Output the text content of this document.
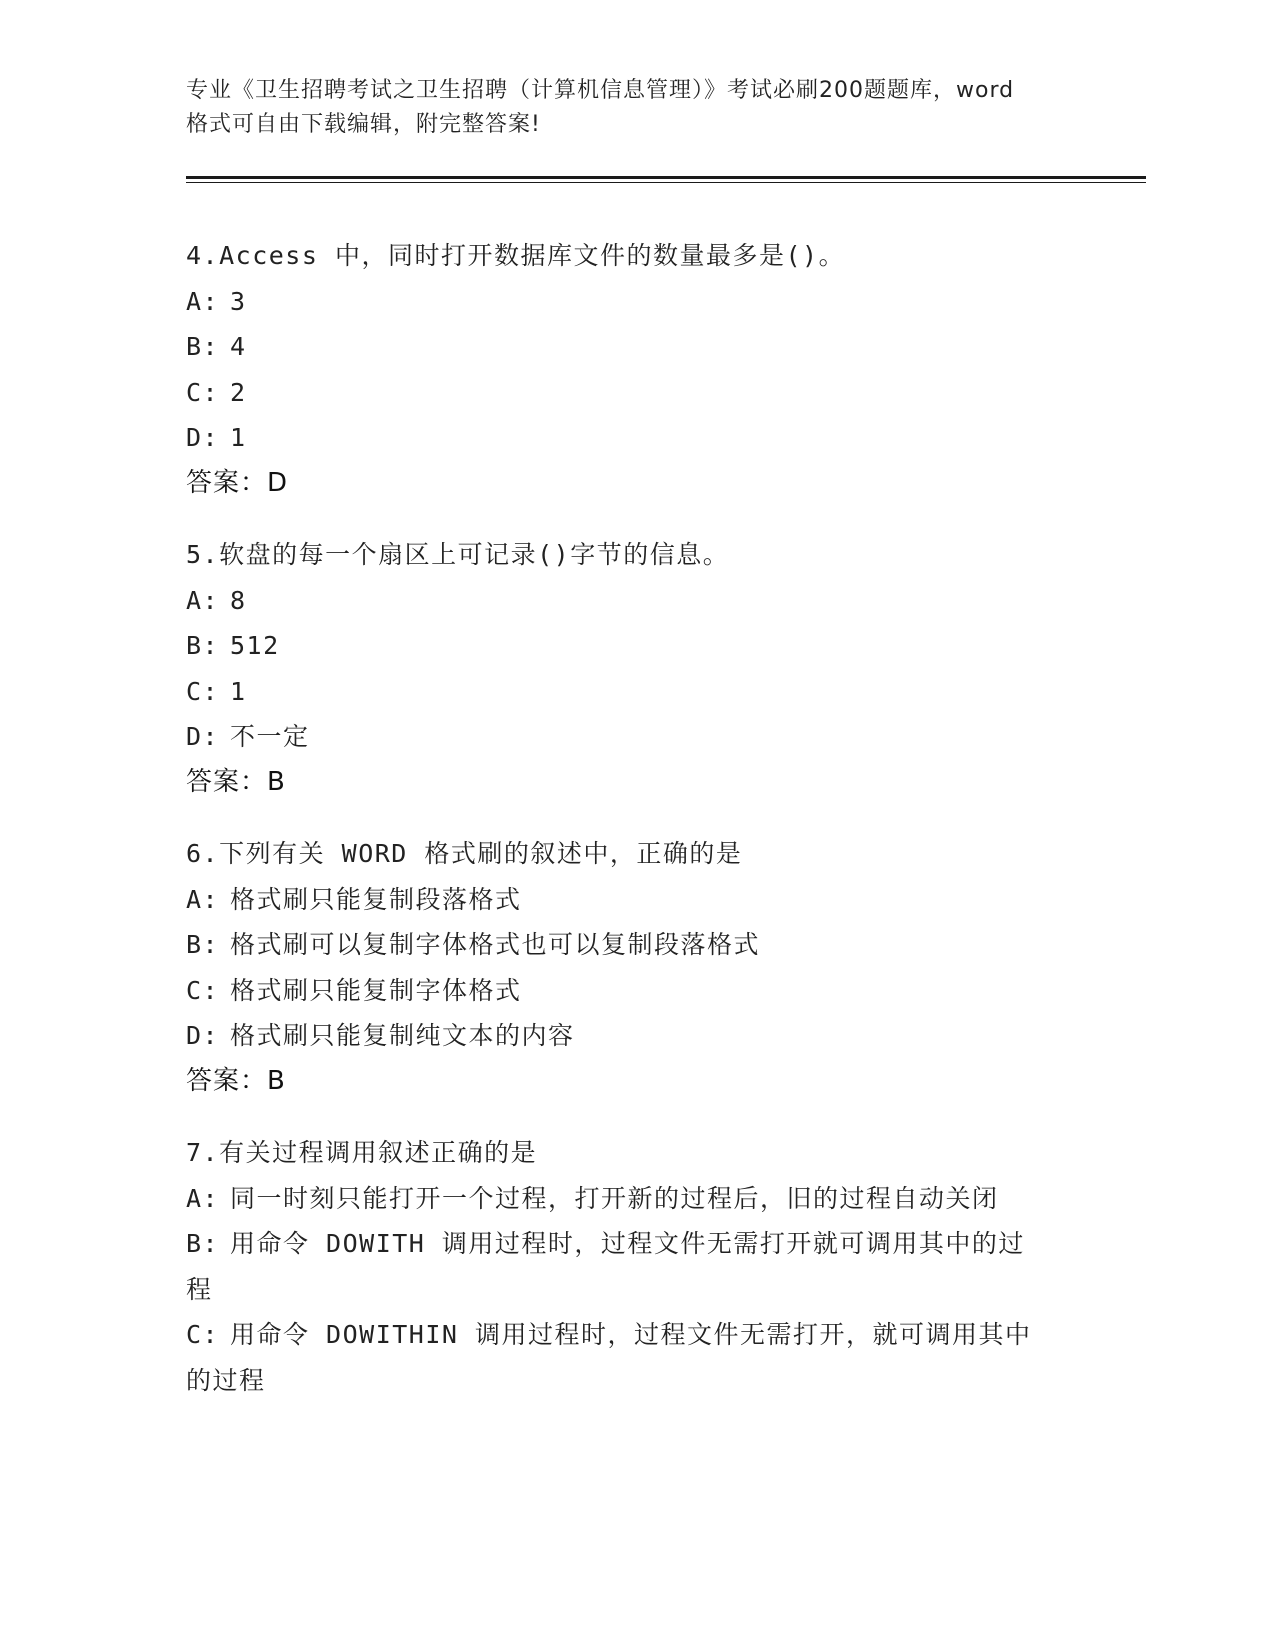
专业《卫生招聘考试之卫生招聘（计算机信息管理）》考试必刷200题题库，word
格式可自由下载编辑，附完整答案!
4.Access 中，同时打开数据库文件的数量最多是()。
A: 3
B: 4
C: 2
D: 1
答案：D
5.软盘的每一个扇区上可记录()字节的信息。
A: 8
B: 512
C: 1
D: 不一定
答案：B
6.下列有关 WORD 格式刷的叙述中，正确的是
A: 格式刷只能复制段落格式
B: 格式刷可以复制字体格式也可以复制段落格式
C: 格式刷只能复制字体格式
D: 格式刷只能复制纯文本的内容
答案：B
7.有关过程调用叙述正确的是
A: 同一时刻只能打开一个过程，打开新的过程后，旧的过程自动关闭
B: 用命令 DOWITH 调用过程时，过程文件无需打开就可调用其中的过
程
C: 用命令 DOWITHIN 调用过程时，过程文件无需打开，就可调用其中
的过程
